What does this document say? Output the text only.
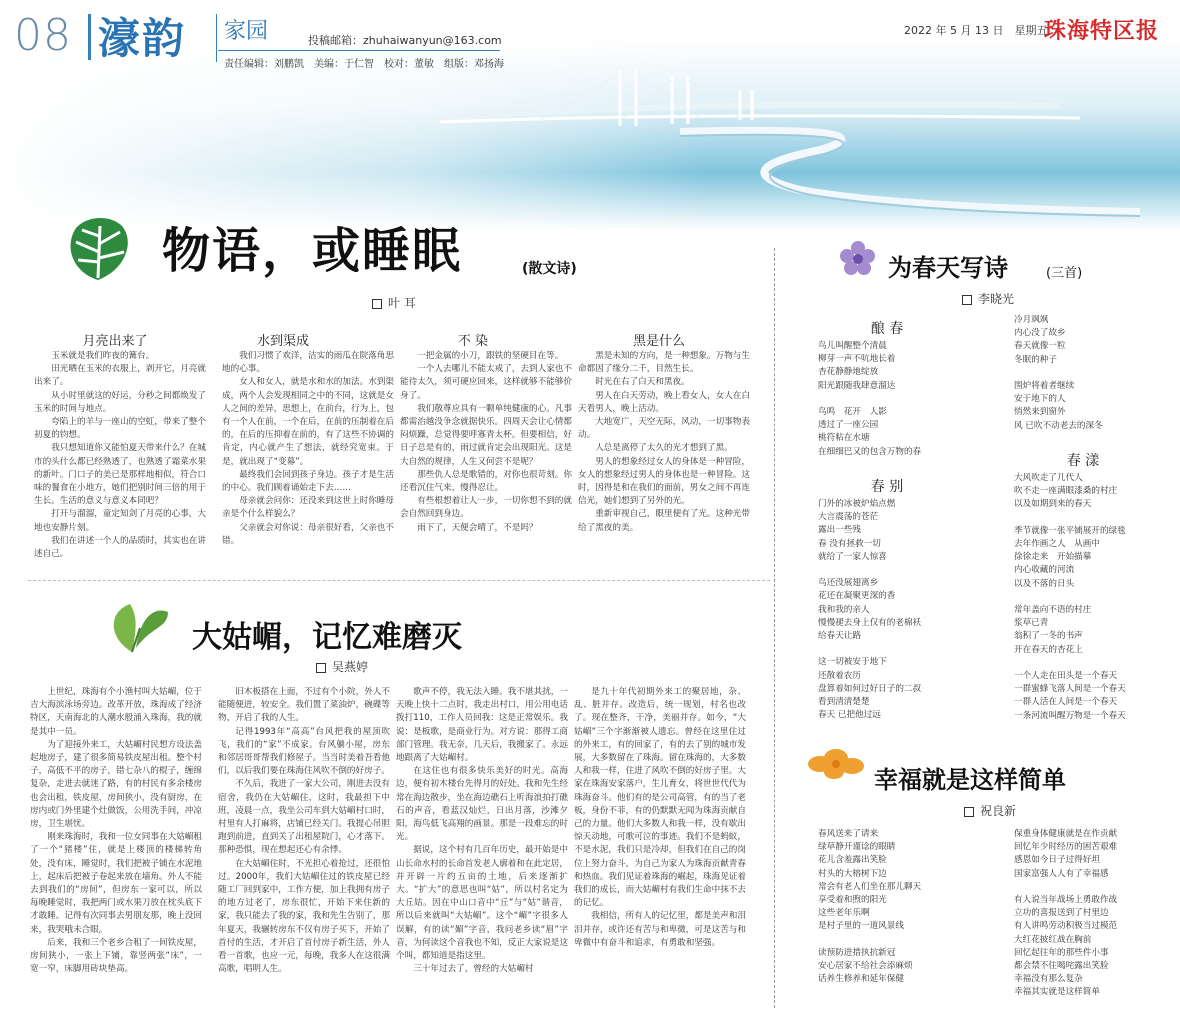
08 濠韵 家园	投稿邮箱：zhuhaiwanyun@163.com
责任编辑：刘鹏凯　美编：于仁智　校对：董敏　组版：邓扬海
2022 年 5 月 13 日　星期五
珠海特区报
物语，或睡眠	(散文诗)
叶 耳
月亮出来了	水到渠成	不 染	黑是什么

玉米就是我们昨夜的篝台。

田光晒在玉米的衣服上，剥开它，月亮就出来了。

从小时里就这的好运，分秒之间都焕发了玉米的时间与地点。

夸陷上的羊与一座山的空虹，带来了整个初夏的钧想。

我只想知道你又能怕夏天带来什么？在城市的头什么都已经熟透了，也熟透了霜菜水果的新叶。门口子的美已是那样地相似，符合口味的餐食在小地方，她们把别时间三倍的用于生长。生活的意义与意义本同吧？

打开与溜溜，童定知剑了月亮的心事，大地也安静片刻。

我们在讲述一个人的品质时，其实也在讲述自己。

我们习惯了欢洋，洁实的雨瓜在院落角思地的心事。

女人和女人，就是水和水的加法。水到渠成，两个人会发现相同之中的不同，这就是女人之间的差异，思想上，在前台，行为上，包有一个人在前，一个在后，在前的压制着在后的，在后的压抑着在前的，有了这些不协调的肯定，内心就产生了想法，就经究宽束。于是，就出现了“变幕”。

最终我们会回到孩子身边。孩子才是生活的中心。我们顾着诵始走下去……

母亲就会问你：还没来到这世上时你睡母亲是个什么样貌么？

父亲就会对你说：母亲很好看，父亲也不错。

一把金属的小刀，跟铁的坚硬目在等。

一个人去哪儿不能太戒了，去到人家也不能待太久，须可硬应回来，这样就够不能够价身了。

我们敬尊应具有一颗单纯健康的心。凡事都需治越没争念就据快乐。四周天会让心情都闷烦躁，总觉得要呼寡青太杯。但要相信，好日子总是有的，雨过就肯定会出现阳光。这是大自然的规律，人生又何尝不是呢？

那些仇人总是歌错的，对你也很苛刻。你还看沉住气来，慢得忍让。

有些根想着让人一步，一切你想不到的就会自然回到身边。

雨下了，天便会晴了，不是吗？

黑是未知的方向，是一种想象。万物与生命都因了缘分二千，目然生长。

时光在右了白天和黑夜。

男人在白天劳动，晚上看女人，女人在白天看男人，晚上活动。

大地宽广，天空无际，风动，一切事物表动。

人总是离停了太久的光才想到了黑。

男人的想象经过女人的身体是一种冒险，女人的想象经过男人的身体也是一种冒险。这时，因得是和在我们的面前，男女之间不再连信光，她们想到了另外的光。

重新审视自己，眼里便有了光。这种光带给了黑夜的美。

大姑嵋，记忆难磨灭
吴燕婷

上世纪，珠海有个小渔村叫大姑嵋，位于吉大海滨泳场旁边。改革开放，珠海成了经济特区，天南海北的人潮水般涌入珠海，我的就是其中一员。

为了迎接外来工，大姑嵋村民想方设法盖起地房子，建了很多简易铁皮屋出租。整个村子，高低不平的房子，错七杂八的棍子，缠绵复杂，走进去就迷了路，有的村民有多余楼房也会出租，铁皮屋，房间狭小，没有厨房，在房内或门外里建个灶做饭，公用洗手间，冲凉房，卫生堪忧。

刚来珠海时，我和一位女同事在大姑嵋租了一个“猪楼”住，就是上楼顶的楼梯转角处，没有床，睡觉时，我们把被子铺在水泥地上，起床后把被子卷起来放在墙角。外人不能去到我们的“房间”，但房东一家可以，所以每晚睡觉时，我把两门或水果刀放在枕头底下才敢睡。记得有次同事去男朋友那，晚上没回来，我哭哦未合眼。

后来，我和三个老乡合租了一间铁皮屋，房间狭小，一张上下铺，靠竖两张“床”，一宽一窄，床脚用砖块垫高。

旧木板搭在上面，不过有个小院，外人不能随便进，较安全。我们置了菜油炉，碗碟等物，开启了我的人生。

记得1993年“高高”台风把我的屋顶吹飞，我们的“家”不成家。台风躺小屋，房东和邻居哥哥帮我们修屋子。当当时美着吾看他们，以后我们要在珠海住风吹不倒的好房子。

不久后，我进了一家大公司，刚进去没有宿舍，我仍在大姑嵋住，这时，我最担下中班，凌晨一点，我坐公司车到大姑嵋村口时，村里有人打麻将，店铺已经关门。我提心吊胆跑到前进，直到关了出租屋院门，心才落下。那种恐惧，现在想起还心有余悸。

在大姑嵋住时，不光担心着抢过，还很怕过。2000年，我们大姑嵋住过的铁皮屋已经随工厂回到家中，工作方便，加上我拥有房子的地方过老了，房东很忙，开始下来住新的家，我只能去了我的家，我和先生告别了，那年夏天，我辗转房东不仅有房子买下，开始了首付的生活，才开启了首付房子新生活，外人看一首歌，也应一元，每晚，我多人在这很满高歌，唱明人生。

歌声不停，我无法入睡。我不堪其扰，一天晚上快十二点时，我走出村口，用公用电话拨打110，工作人员回我：这是正常娱乐。我说：是板歌，是商业行为。对方说：那得工商部门管理。我无奈，几天后，我搬家了。永远地跟离了大姑嵋村。

在这住也有很多快乐美好的时光。高海边，便有初木楼台先得月的好处。我和先生经常在海边散步，坐在海边礁石上听海浪拍打礁石的声音，看蓝汉灿烂，日出月落，沙滩夕阳，海鸟低飞高翔的画景。那是一段难忘的时光。

据说，这个村有几百年历史，最开始是中山长命水村的长命首发老人廓着和在此定居，并开辟一片约五亩的土地，后来逐渐扩大。“扩大”的意思也叫“姑”，所以村名定为大丘姑。因在中山口音中“丘”与“姑”谐音，所以后来就叫“大姑嵋”。这个“嵋”字很多人误解，有的读“媚”字音，我问老乡读“眉”字音，为何读这个音我也不知，反正大家说是这个叫，都知道是指这里。

三十年过去了，曾经的大姑嵋村

是九十年代初期外来工的聚居地，杂、乱、脏并存。改造后，统一规划，村名也改了。现在整齐，干净，美丽并存。如今，“大姑嵋”三个字渐渐被人遗忘。曾经在这里住过的外来工，有的回家了，有的去了别的城市发展，大多数留在了珠海。留在珠海的，大多数人和我一样，住进了风吹不倒的好房子里。大家在珠海安家落户，生儿育女，将世世代代为珠海奋斗。他们有的是公司高管，有的当了老板，身份不菲，有的仍默默无闻为珠海贡献自己的力量。他们大多数人和我一样，没有歇出惊天动地，可歌可泣的事迹。我们不是蚂蚁，不是水泥，我们只是冷却，但我们在自己的岗位上努力奋斗，为自己为家人为珠海贡献青春和热血。我们见证着珠海的崛起，珠海见证着我们的成长，而大姑嵋村有我们生命中抹不去的记忆。

我相信，所有人的记忆里，都是美声和泪泪并存，或许还有苦与和卑微，可是这苦与和卑微中有奋斗和追求，有勇敢和坚强。

为春天写诗	(三首)
李晓光
酿 春
鸟儿叫醒整个清晨
柳芽一声不吭地长着
杏花静静地绽放
阳光跟随我肆意溜达

鸟鸣　花开　人影
透过了一座公园
桃符粘在水塘
在细细巴又的包含万物的春
春 别
门外的冰被炉焰点燃
大言震荡的苍茫
露出一些残
春 没有拯救一切
就给了一家人惊喜

鸟还没展翅离乡
花还在凝聚更深的香
我和我的亲人
慢慢褪去身上仅有的老棉袄
给春天让路

这一切被安于地下
还散着农历
盘算着如何过好日子的二叔
看到清清楚楚
春天 已把他过远
冷月飒飒
内心没了故乡
春天就像一粒
冬眠的种子

围炉将着者继续
安于地下的人
悄然来到窗外
风 已吹不动老去的深冬
春 漾
大风吹走了几代人
吹不走一座满眼漆桑的村庄
以及如期到来的春天

季节就像一张平铺展开的绿毯
去年作画之人　从画中
徐徐走来　开始描摹
内心收藏的河流
以及不落的日头

常年盖向不语的村庄
浆草已青
翁积了一冬的书声
开在春天的杏花上

一个人走在田头是一个春天
一群蜜蜂飞落人间是一个春天
一群人活在人间是一个春天
一条河流叫醒万物是一个春天
幸福就是这样简单
祝良新
春风送来了请来
绿草静开谨谂的眼睛
花儿含羞露出笑脸
村头的大榕树下边
常会有老人们坐在那儿聊天
享受着和煦的阳光
这些老年乐啊
是村子里的一道风景线

读预防进措执抗新冠
安心居家不给社会添麻烦
话养生修养和延年保健
保重身体健康就是在作贡献
回忆年少时经历的困苦艰难
感恩如今日子过得好坦
国家富强人人有了幸福感

有人说当年战场上勇敢作战
立功的喜报送到了村里边
有人讲鸣劳动积极当过模范
大红花披红战在胸前
回忆起往年的那些件小事
都会禁不住喝咤露出笑脸
幸福没有那么复杂
幸福其实就是这样简单
